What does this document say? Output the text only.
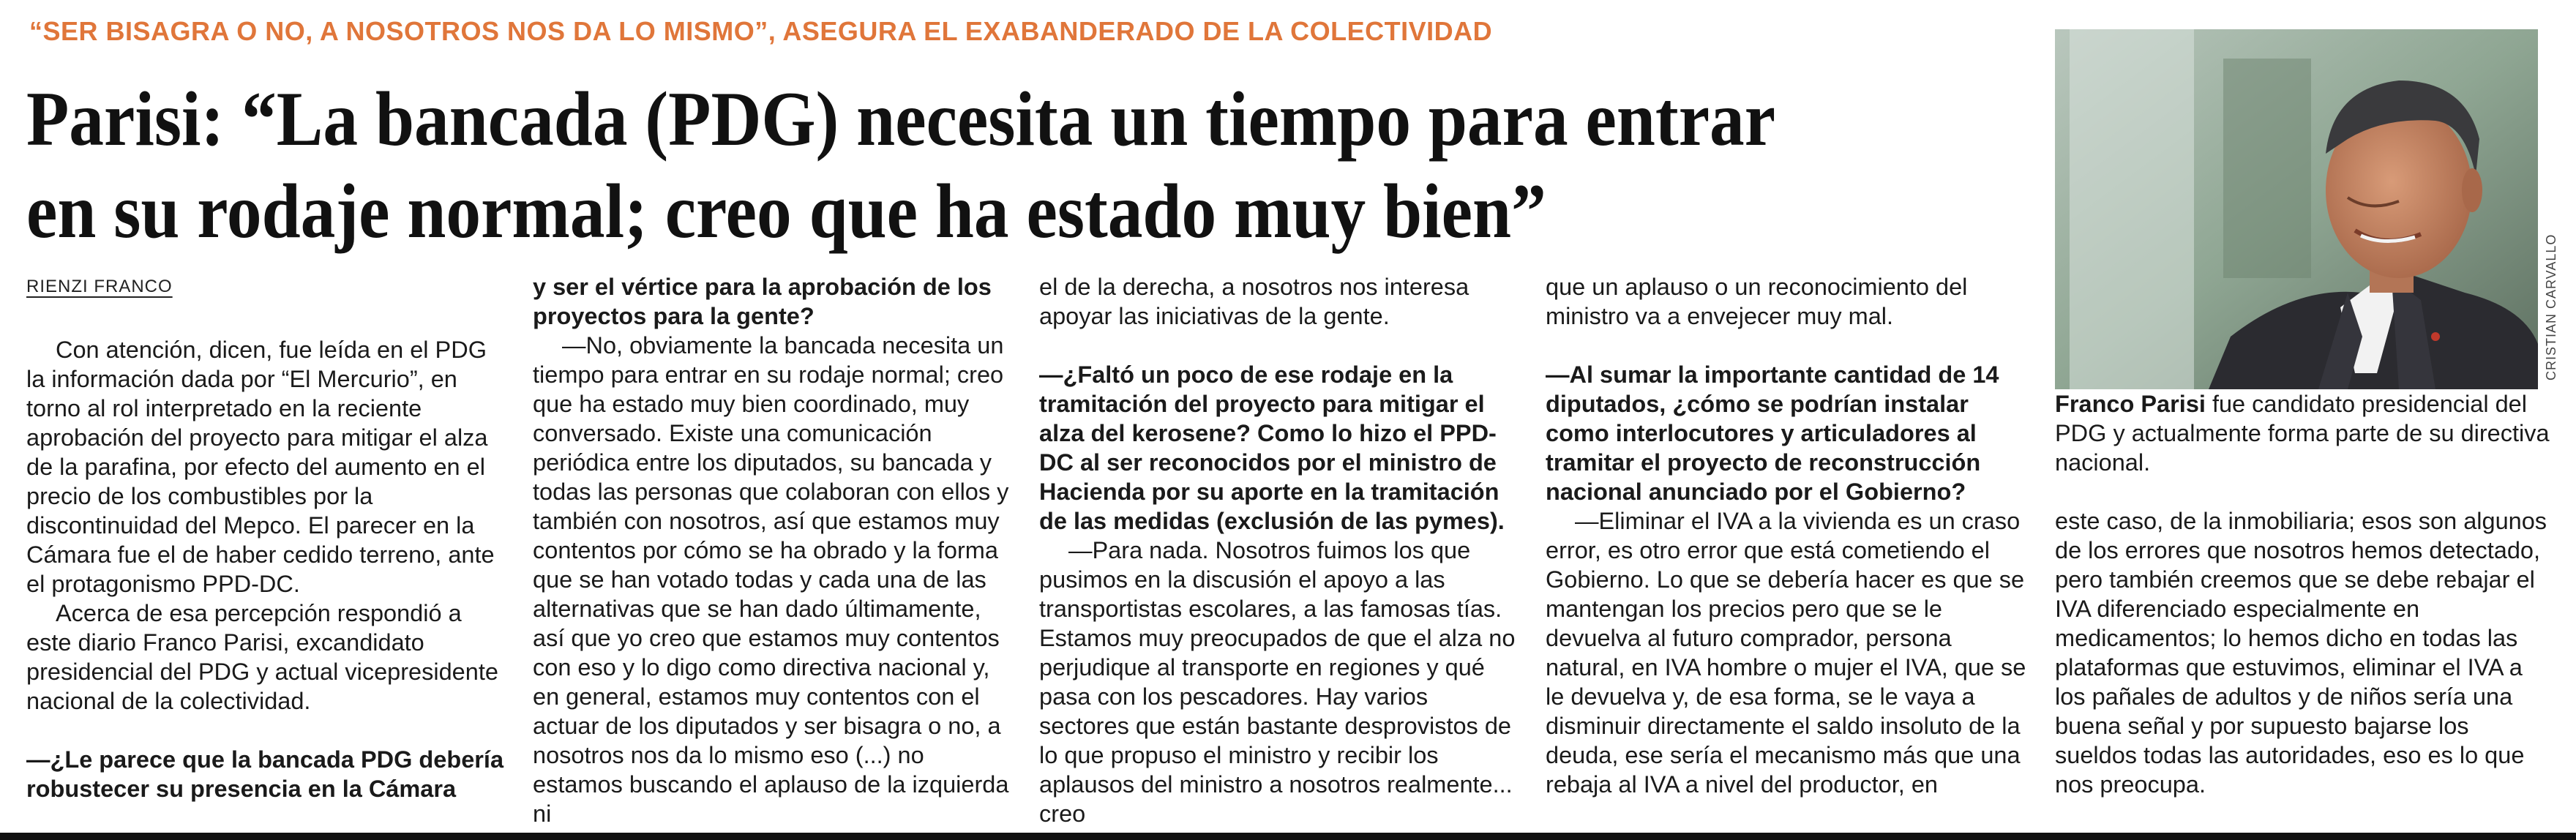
“SER BISAGRA O NO, A NOSOTROS NOS DA LO MISMO”, ASEGURA EL EXABANDERADO DE LA COLECTIVIDAD
Parisi: “La bancada (PDG) necesita un tiempo para entrar en su rodaje normal; creo que ha estado muy bien”

RIENZI FRANCO

Con atención, dicen, fue leída en el PDG la información dada por “El Mercurio”, en torno al rol interpretado en la reciente aprobación del proyecto para mitigar el alza de la parafina, por efecto del aumento en el precio de los combustibles por la discontinuidad del Mepco. El parecer en la Cámara fue el de haber cedido terreno, ante el protagonismo PPD-DC.

Acerca de esa percepción respondió a este diario Franco Parisi, excandidato presidencial del PDG y actual vicepresidente nacional de la colectividad.

—¿Le parece que la bancada PDG debería robustecer su presencia en la Cámara

y ser el vértice para la aprobación de los proyectos para la gente?

—No, obviamente la bancada necesita un tiempo para entrar en su rodaje normal; creo que ha estado muy bien coordinado, muy conversado. Existe una comunicación periódica entre los diputados, su bancada y todas las personas que colaboran con ellos y también con nosotros, así que estamos muy contentos por cómo se ha obrado y la forma que se han votado todas y cada una de las alternativas que se han dado últimamente, así que yo creo que estamos muy contentos con eso y lo digo como directiva nacional y, en general, estamos muy contentos con el actuar de los diputados y ser bisagra o no, a nosotros nos da lo mismo eso (...) no estamos buscando el aplauso de la izquierda ni

el de la derecha, a nosotros nos interesa apoyar las iniciativas de la gente.

—¿Faltó un poco de ese rodaje en la tramitación del proyecto para mitigar el alza del kerosene? Como lo hizo el PPD-DC al ser reconocidos por el ministro de Hacienda por su aporte en la tramitación de las medidas (exclusión de las pymes).

—Para nada. Nosotros fuimos los que pusimos en la discusión el apoyo a las transportistas escolares, a las famosas tías. Estamos muy preocupados de que el alza no perjudique al transporte en regiones y qué pasa con los pescadores. Hay varios sectores que están bastante desprovistos de lo que propuso el ministro y recibir los aplausos del ministro a nosotros realmente... creo

que un aplauso o un reconocimiento del ministro va a envejecer muy mal.

—Al sumar la importante cantidad de 14 diputados, ¿cómo se podrían instalar como interlocutores y articuladores al tramitar el proyecto de reconstrucción nacional anunciado por el Gobierno?

—Eliminar el IVA a la vivienda es un craso error, es otro error que está cometiendo el Gobierno. Lo que se debería hacer es que se mantengan los precios pero que se le devuelva al futuro comprador, persona natural, en IVA hombre o mujer el IVA, que se le devuelva y, de esa forma, se le vaya a disminuir directamente el saldo insoluto de la deuda, ese sería el mecanismo más que una rebaja al IVA a nivel del productor, en

CRISTIAN CARVALLO
Franco Parisi fue candidato presidencial del PDG y actualmente forma parte de su directiva nacional.

este caso, de la inmobiliaria; esos son algunos de los errores que nosotros hemos detectado, pero también creemos que se debe rebajar el IVA diferenciado especialmente en medicamentos; lo hemos dicho en todas las plataformas que estuvimos, eliminar el IVA a los pañales de adultos y de niños sería una buena señal y por supuesto bajarse los sueldos todas las autoridades, eso es lo que nos preocupa.
